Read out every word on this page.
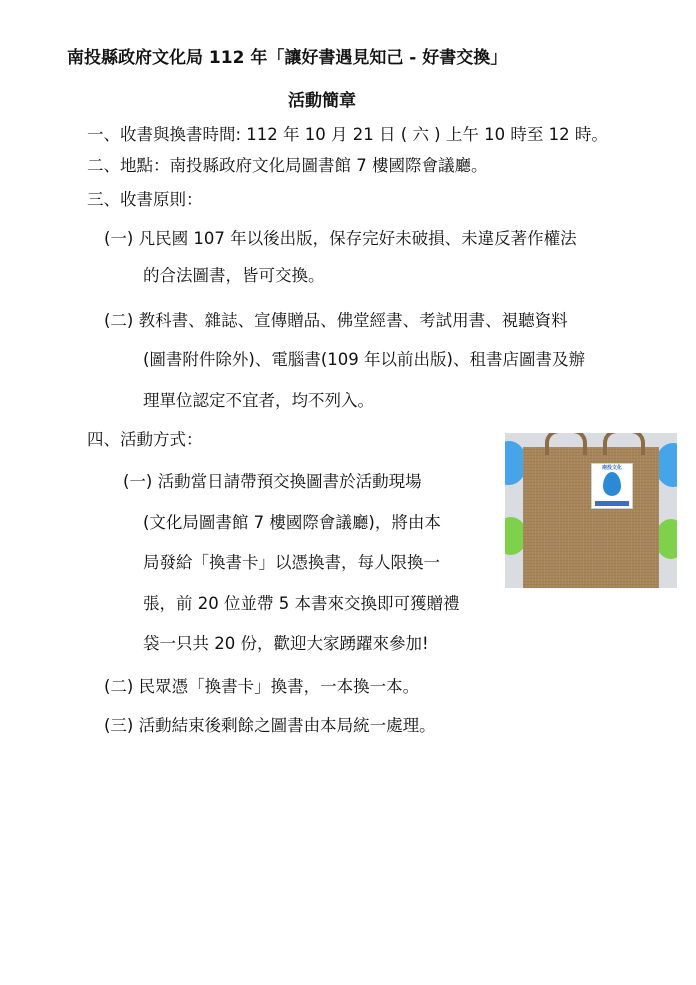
南投縣政府文化局 112 年「讓好書遇見知己 - 好書交換」
活動簡章
一、收書與換書時間: 112 年 10 月 21 日 ( 六 ) 上午 10 時至 12 時。
二、地點：南投縣政府文化局圖書館 7 樓國際會議廳。
三、收書原則：
(一) 凡民國 107 年以後出版，保存完好未破損、未違反著作權法
的合法圖書，皆可交換。
(二) 教科書、雜誌、宣傳贈品、佛堂經書、考試用書、視聽資料
(圖書附件除外)、電腦書(109 年以前出版)、租書店圖書及辦
理單位認定不宜者，均不列入。
四、活動方式：
(一) 活動當日請帶預交換圖書於活動現場
(文化局圖書館 7 樓國際會議廳)，將由本
局發給「換書卡」以憑換書，每人限換一
張，前 20 位並帶 5 本書來交換即可獲贈禮
袋一只共 20 份，歡迎大家踴躍來參加!
(二) 民眾憑「換書卡」換書，一本換一本。
(三) 活動結束後剩餘之圖書由本局統一處理。
南投文化
